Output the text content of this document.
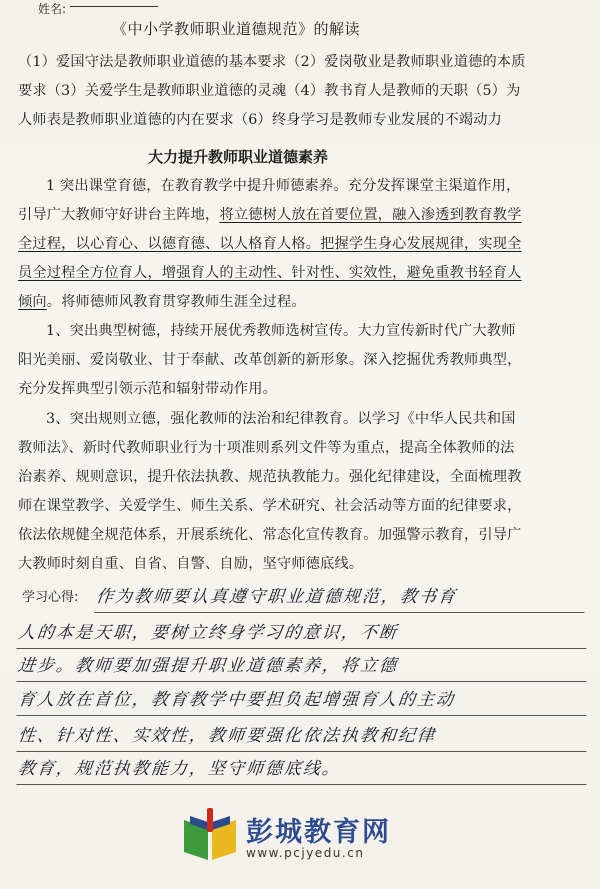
姓名:
《中小学教师职业道德规范》的解读
（1）爱国守法是教师职业道德的基本要求（2）爱岗敬业是教师职业道德的本质
要求（3）关爱学生是教师职业道德的灵魂（4）教书育人是教师的天职（5）为
人师表是教师职业道德的内在要求（6）终身学习是教师专业发展的不竭动力
大力提升教师职业道德素养
1 突出课堂育德，在教育教学中提升师德素养。充分发挥课堂主渠道作用，
引导广大教师守好讲台主阵地，将立德树人放在首要位置，融入渗透到教育教学
全过程，以心育心、以德育德、以人格育人格。把握学生身心发展规律，实现全
员全过程全方位育人，增强育人的主动性、针对性、实效性，避免重教书轻育人
倾向。将师德师风教育贯穿教师生涯全过程。
1、突出典型树德，持续开展优秀教师选树宣传。大力宣传新时代广大教师
阳光美丽、爱岗敬业、甘于奉献、改革创新的新形象。深入挖掘优秀教师典型，
充分发挥典型引领示范和辐射带动作用。
3、突出规则立德，强化教师的法治和纪律教育。以学习《中华人民共和国
教师法》、新时代教师职业行为十项准则系列文件等为重点，提高全体教师的法
治素养、规则意识，提升依法执教、规范执教能力。强化纪律建设，全面梳理教
师在课堂教学、关爱学生、师生关系、学术研究、社会活动等方面的纪律要求，
依法依规健全规范体系，开展系统化、常态化宣传教育。加强警示教育，引导广
大教师时刻自重、自省、自警、自励，坚守师德底线。
学习心得: 作为教师要认真遵守职业道德规范，教书育
人的本是天职，要树立终身学习的意识，不断
进步。教师要加强提升职业道德素养，将立德
育人放在首位，教育教学中要担负起增强育人的主动
性、针对性、实效性，教师要强化依法执教和纪律
教育，规范执教能力，坚守师德底线。
彭城教育网
www.pcjyedu.cn
